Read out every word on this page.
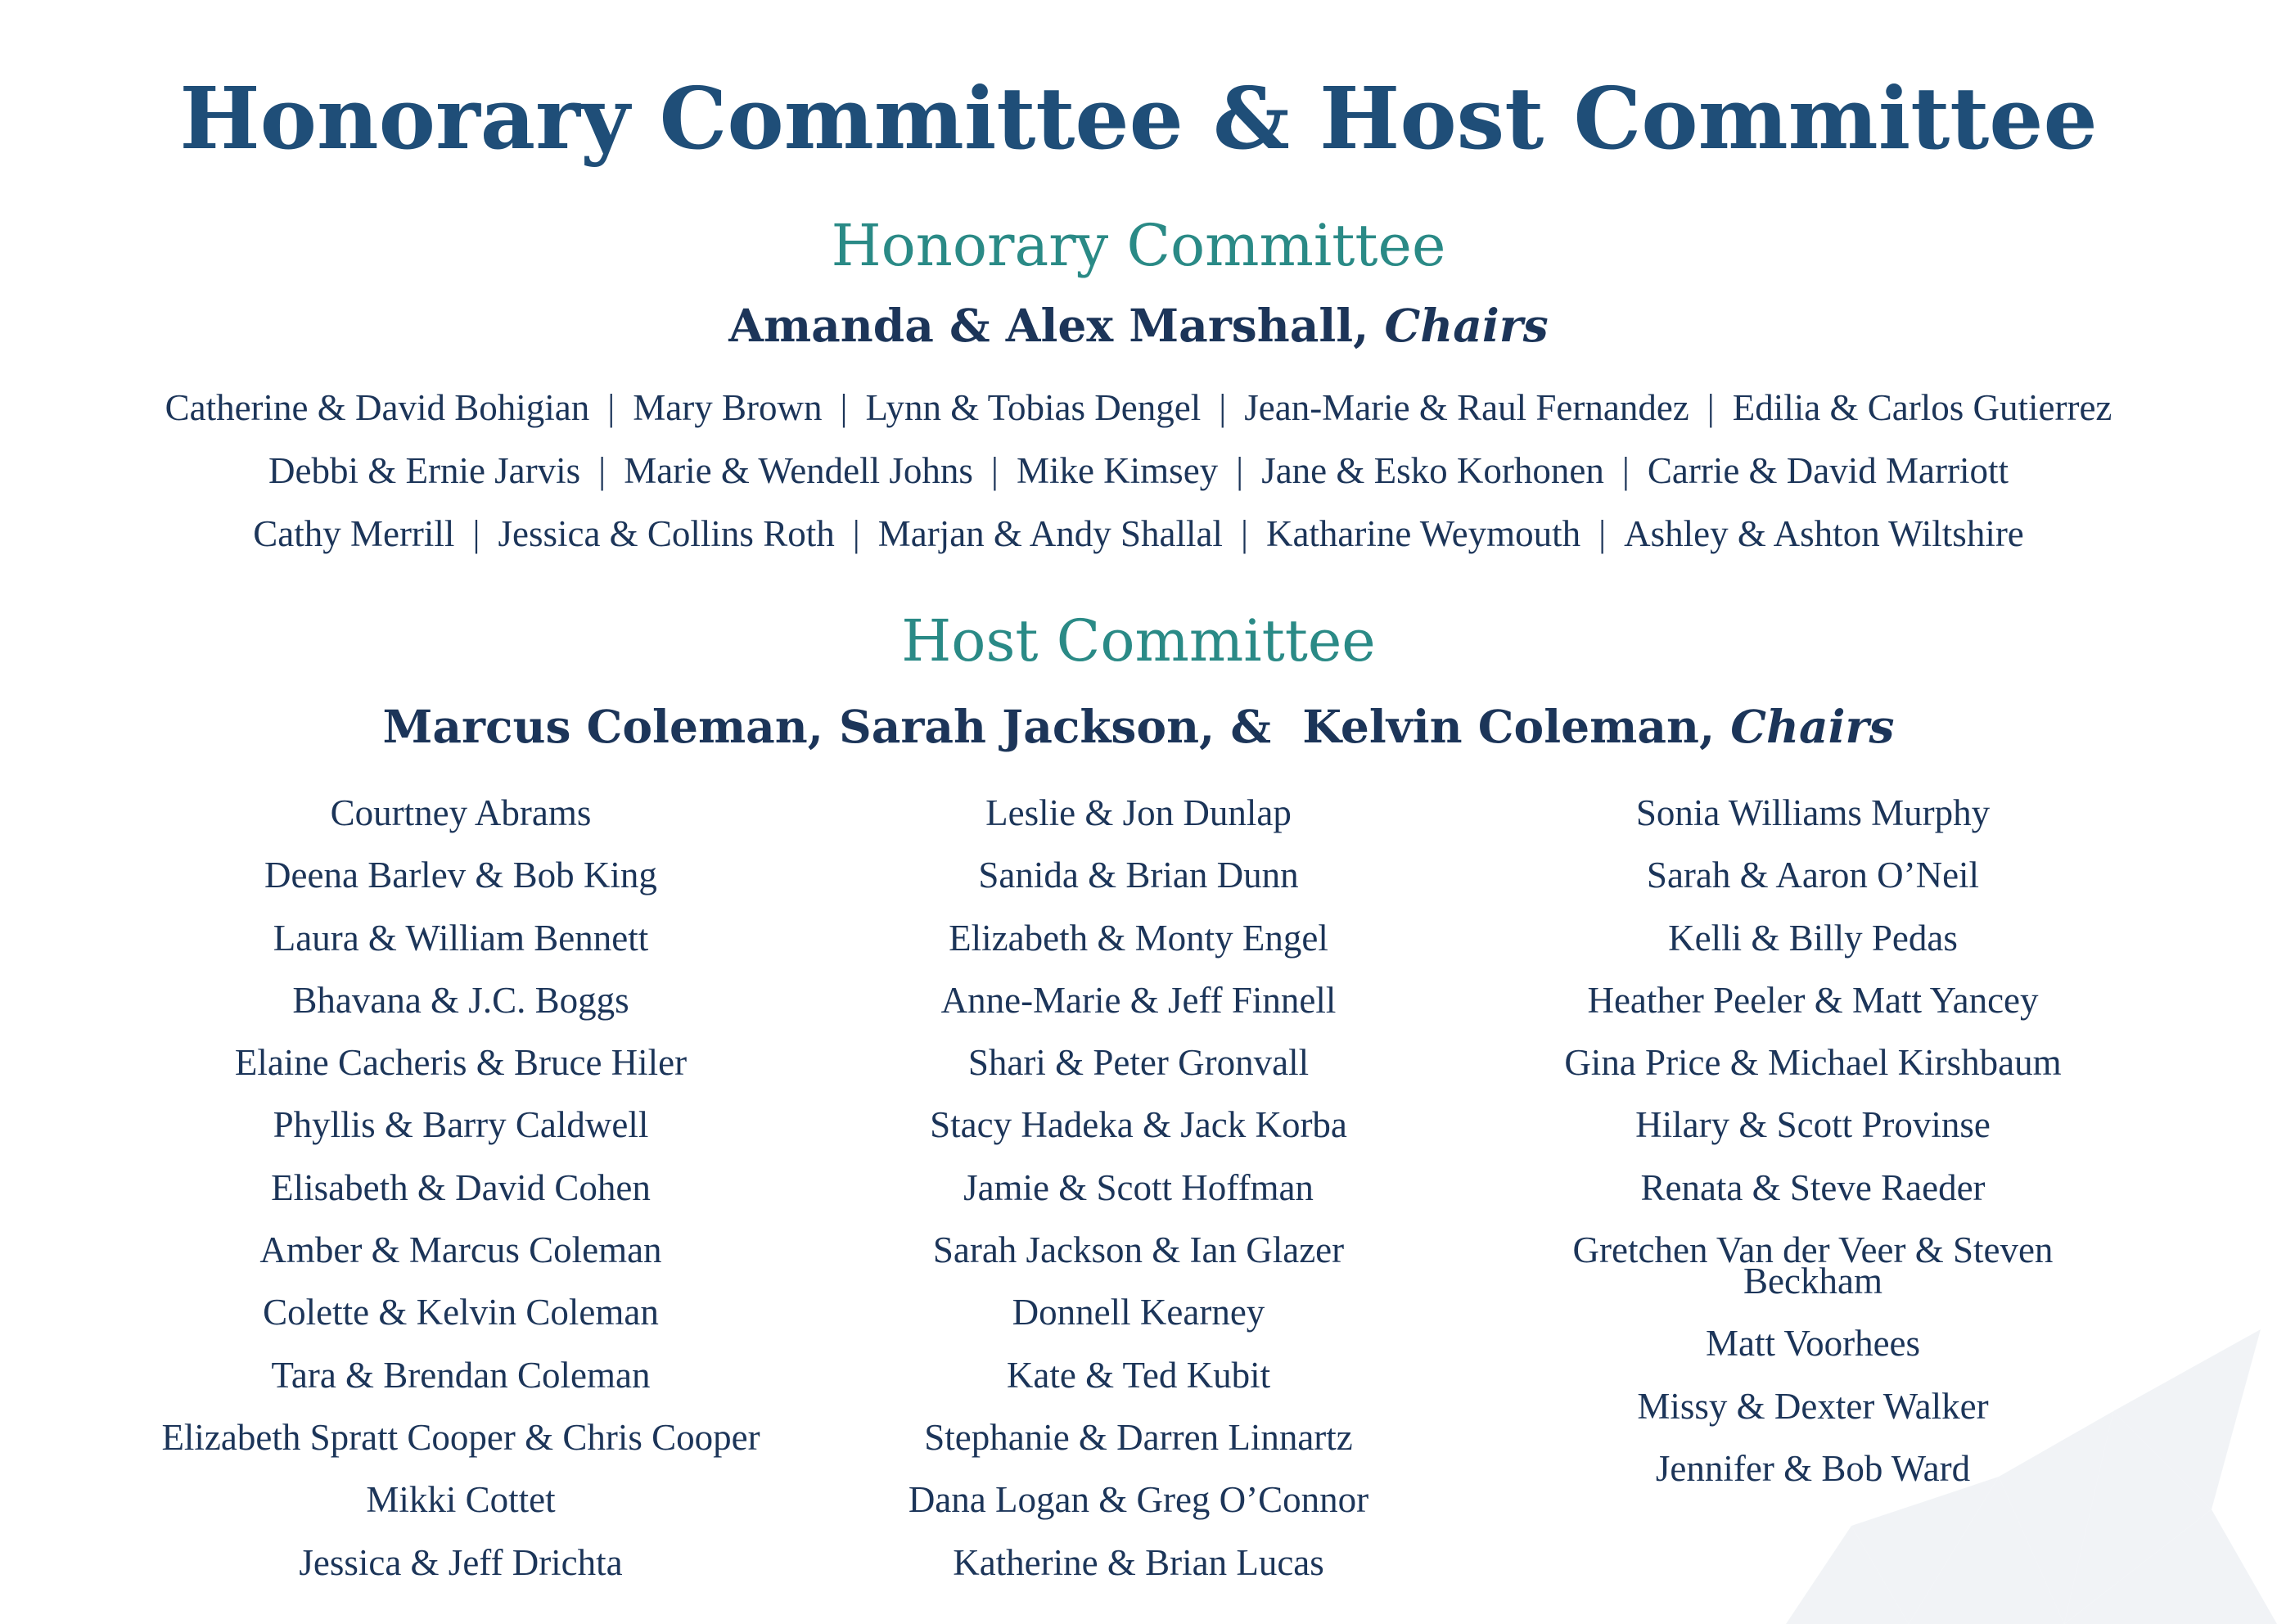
Honorary Committee & Host Committee
Honorary Committee
Amanda & Alex Marshall, Chairs
Catherine & David Bohigian | Mary Brown | Lynn & Tobias Dengel | Jean-Marie & Raul Fernandez | Edilia & Carlos Gutierrez
Debbi & Ernie Jarvis | Marie & Wendell Johns | Mike Kimsey | Jane & Esko Korhonen | Carrie & David Marriott
Cathy Merrill | Jessica & Collins Roth | Marjan & Andy Shallal | Katharine Weymouth | Ashley & Ashton Wiltshire
Host Committee
Marcus Coleman, Sarah Jackson, &  Kelvin Coleman, Chairs
Courtney Abrams
Deena Barlev & Bob King
Laura & William Bennett
Bhavana & J.C. Boggs
Elaine Cacheris & Bruce Hiler
Phyllis & Barry Caldwell
Elisabeth & David Cohen
Amber & Marcus Coleman
Colette & Kelvin Coleman
Tara & Brendan Coleman
Elizabeth Spratt Cooper & Chris Cooper
Mikki Cottet
Jessica & Jeff Drichta
Leslie & Jon Dunlap
Sanida & Brian Dunn
Elizabeth & Monty Engel
Anne-Marie & Jeff Finnell
Shari & Peter Gronvall
Stacy Hadeka & Jack Korba
Jamie & Scott Hoffman
Sarah Jackson & Ian Glazer
Donnell Kearney
Kate & Ted Kubit
Stephanie & Darren Linnartz
Dana Logan & Greg O’Connor
Katherine & Brian Lucas
Sonia Williams Murphy
Sarah & Aaron O’Neil
Kelli & Billy Pedas
Heather Peeler & Matt Yancey
Gina Price & Michael Kirshbaum
Hilary & Scott Provinse
Renata & Steve Raeder
Gretchen Van der Veer & Steven Beckham
Matt Voorhees
Missy & Dexter Walker
Jennifer & Bob Ward
